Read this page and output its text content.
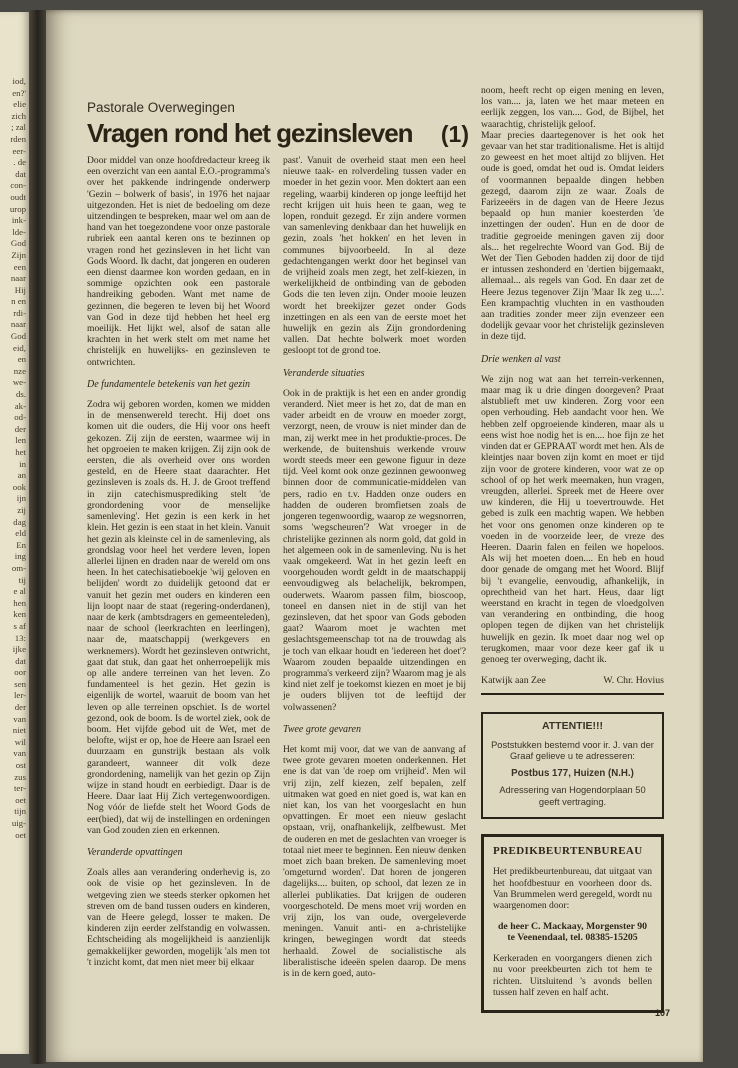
iod,
en?'
elie
zich
; zal
rden
eer-
. de
dat
con-
oudt
urop
ink-
lde-
God
Zijn
een
naar
Hij
n en
rdi-
naar
God
eid,
en
nze
we-
ds.
ak-
od-
der
len
het
in
an
ook
ijn
zij
dag
eld
En
ing
om-
tij
e al
hen
ken
s af
13:
ijke
dat
oor
sen
ler-
der
van
niet
wil
van
ost
zus
ter-
oet
tijn
uig-
oet
Pastorale Overwegingen
Vragen rond het gezinsleven (1)
Door middel van onze hoofdredacteur kreeg ik een overzicht van een aantal E.O.-programma's over het pakkende indringende onderwerp 'Gezin – bolwerk of basis', in 1976 het najaar uitgezonden. Het is niet de bedoeling om deze uitzendingen te bespreken, maar wel om aan de hand van het toegezondene voor onze pastorale rubriek een aantal keren ons te bezinnen op vragen rond het gezinsleven in het licht van Gods Woord. Ik dacht, dat jongeren en ouderen een dienst daarmee kon worden gedaan, en in sommige opzichten ook een pastorale handreiking geboden. Want met name de gezinnen, die begeren te leven bij het Woord van God in deze tijd hebben het heel erg moeilijk. Het lijkt wel, alsof de satan alle krachten in het werk stelt om met name het christelijk en huwelijks- en gezinsleven te ontwrichten.
De fundamentele betekenis van het gezin
Zodra wij geboren worden, komen we midden in de mensenwereld terecht. Hij doet ons komen uit die ouders, die Hij voor ons heeft gekozen. Zij zijn de eersten, waarmee wij in het opgroeien te maken krijgen. Zij zijn ook de eersten, die als overheid over ons worden gesteld, en de Heere staat daarachter. Het gezinsleven is zoals ds. H. J. de Groot treffend in zijn catechismusprediking stelt 'de grondordening voor de menselijke samenleving'. Het gezin is een kerk in het klein. Het gezin is een staat in het klein. Vanuit het gezin als kleinste cel in de samenleving, als grondslag voor heel het verdere leven, lopen allerlei lijnen en draden naar de wereld om ons heen. In het catechisatieboekje 'wij geloven en belijden' wordt zo duidelijk getoond dat er vanuit het gezin met ouders en kinderen een lijn loopt naar de staat (regering-onderdanen), naar de kerk (ambtsdragers en gemeenteleden), naar de school (leerkrachten en leerlingen), naar de, maatschappij (werkgevers en werknemers). Wordt het gezinsleven ontwricht, gaat dat stuk, dan gaat het onherroepelijk mis op alle andere terreinen van het leven. Zo fundamenteel is het gezin. Het gezin is eigenlijk de wortel, waaruit de boom van het leven op alle terreinen opschiet. Is de wortel gezond, ook de boom. Is de wortel ziek, ook de boom. Het vijfde gebod uit de Wet, met de belofte, wijst er op, hoe de Heere aan Israel een duurzaam en gunstrijk bestaan als volk garandeert, wanneer dit volk deze grondordening, namelijk van het gezin op Zijn wijze in stand houdt en eerbiedigt. Daar is de Heere. Daar laat Hij Zich vertegenwoordigen. Nog vóór de liefde stelt het Woord Gods de eer(bied), dat wij de instellingen en ordeningen van God zouden zien en erkennen.
Veranderde opvattingen
Zoals alles aan verandering onderhevig is, zo ook de visie op het gezinsleven. In de wetgeving zien we steeds sterker opkomen het streven om de band tussen ouders en kinderen, van de Heere gelegd, losser te maken. De kinderen zijn eerder zelfstandig en volwassen. Echtscheiding als mogelijkheid is aanzienlijk gemakkelijker geworden, mogelijk 'als men tot 't inzicht komt, dat men niet meer bij elkaar
past'. Vanuit de overheid staat men een heel nieuwe taak- en rolverdeling tussen vader en moeder in het gezin voor. Men doktert aan een regeling, waarbij kinderen op jonge leeftijd het recht krijgen uit huis heen te gaan, weg te lopen, ronduit gezegd. Er zijn andere vormen van samenleving denkbaar dan het huwelijk en gezin, zoals 'het hokken' en het leven in communes bijvoorbeeld. In al deze gedachtengangen werkt door het beginsel van de vrijheid zoals men zegt, het zelf-kiezen, in werkelijkheid de ontbinding van de geboden Gods die ten leven zijn. Onder mooie leuzen wordt het breekijzer gezet onder Gods inzettingen en als een van de eerste moet het huwelijk en gezin als Zijn grondordening vallen. Dat hechte bolwerk moet worden gesloopt tot de grond toe.
Veranderde situaties
Ook in de praktijk is het een en ander grondig veranderd. Niet meer is het zo, dat de man en vader arbeidt en de vrouw en moeder zorgt, verzorgt, neen, de vrouw is niet minder dan de man, zij werkt mee in het produktie-proces. De werkende, de buitenshuis werkende vrouw wordt steeds meer een gewone figuur in deze tijd. Veel komt ook onze gezinnen gewoonweg binnen door de communicatie-middelen van pers, radio en t.v. Hadden onze ouders en hadden de ouderen bromfietsen zoals de jongeren tegenwoordig, waarop ze wegsnorren, soms 'wegscheuren'? Wat vroeger in de christelijke gezinnen als norm gold, dat gold in het algemeen ook in de samenleving. Nu is het vaak omgekeerd. Wat in het gezin leeft en voorgehouden wordt geldt in de maatschappij eenvoudigweg als belachelijk, bekrompen, ouderwets. Waarom passen film, bioscoop, toneel en dansen niet in de stijl van het gezinsleven, dat het spoor van Gods geboden gaat? Waarom moet je wachten met geslachtsgemeenschap tot na de trouwdag als je toch van elkaar houdt en 'iedereen het doet'? Waarom zouden bepaalde uitzendingen en programma's verkeerd zijn? Waarom mag je als kind niet zelf je toekomst kiezen en moet je bij je ouders blijven tot de leeftijd der volwassenen?
Twee grote gevaren
Het komt mij voor, dat we van de aanvang af twee grote gevaren moeten onderkennen. Het ene is dat van 'de roep om vrijheid'. Men wil vrij zijn, zelf kiezen, zelf bepalen, zelf uitmaken wat goed en niet goed is, wat kan en niet kan, los van het voorgeslacht en hun opvattingen. Er moet een nieuw geslacht opstaan, vrij, onafhankelijk, zelfbewust. Met de ouderen en met de geslachten van vroeger is totaal niet meer te beginnen. Een nieuw denken moet zich baan breken. De samenleving moet 'omgeturnd worden'. Dat horen de jongeren dagelijks.... buiten, op school, dat lezen ze in allerlei publikaties. Dat krijgen de ouderen voorgeschoteld. De mens moet vrij worden en vrij zijn, los van oude, overgeleverde meningen. Vanuit anti- en a-christelijke kringen, bewegingen wordt dat steeds herhaald. Zowel de socialistische als liberalistische ideeën spelen daarop. De mens is in de kern goed, auto-
noom, heeft recht op eigen mening en leven, los van.... ja, laten we het maar meteen en eerlijk zeggen, los van.... God, de Bijbel, het waarachtig, christelijk geloof.
Maar precies daartegenover is het ook het gevaar van het star traditionalisme. Het is altijd zo geweest en het moet altijd zo blijven. Het oude is goed, omdat het oud is. Omdat leiders of voormannen bepaalde dingen hebben gezegd, daarom zijn ze waar. Zoals de Farizeeërs in de dagen van de Heere Jezus bepaald op hun manier koesterden 'de inzettingen der ouden'. Hun en de door de traditie gegroeide meningen gaven zij door als... het regelrechte Woord van God. Bij de Wet der Tien Geboden hadden zij door de tijd er intussen zeshonderd en 'dertien bijgemaakt, allemaal... als regels van God. En daar zet de Heere Jezus tegenover Zijn 'Maar Ik zeg u....'. Een krampachtig vluchten in en vasthouden aan tradities zonder meer zijn evenzeer een dodelijk gevaar voor het christelijk gezinsleven in deze tijd.
Drie wenken al vast
We zijn nog wat aan het terrein-verkennen, maar mag ik u drie dingen doorgeven? Praat alstublieft met uw kinderen. Zorg voor een open verhouding. Heb aandacht voor hen. We hebben zelf opgroeiende kinderen, maar als u eens wist hoe nodig het is en.... hoe fijn ze het vinden dat er GEPRAAT wordt met hen. Als de kleintjes naar boven zijn komt en moet er tijd zijn voor de grotere kinderen, voor wat ze op school of op het werk meemaken, hun vragen, vreugden, allerlei. Spreek met de Heere over uw kinderen, die Hij u toevertrouwde. Het gebed is zulk een machtig wapen. We hebben het voor ons genomen onze kinderen op te voeden in de voorzeide leer, de vreze des Heeren. Daarin falen en feilen we hopeloos. Als wij het moeten doen.... En heb en houd door genade de omgang met het Woord. Blijf bij 't evangelie, eenvoudig, afhankelijk, in oprechtheid van het hart. Heus, daar ligt weerstand en kracht in tegen de vloedgolven van verandering en ontbinding, die hoog oplopen tegen de dijken van het christelijk huwelijk en gezin. Ik moet daar nog wel op terugkomen, maar voor deze keer gaf ik u genoeg ter overweging, dacht ik.
Katwijk aan Zee	W. Chr. Hovius
ATTENTIE!!!
Poststukken bestemd voor ir. J. van der Graaf gelieve u te adresseren:
Postbus 177, Huizen (N.H.)
Adressering van Hogendorplaan 50 geeft vertraging.
PREDIKBEURTENBUREAU
Het predikbeurtenbureau, dat uitgaat van het hoofdbestuur en voorheen door ds. Van Brummelen werd geregeld, wordt nu waargenomen door:
de heer C. Mackaay, Morgenster 90 te Veenendaal, tel. 08385-15205
Kerkeraden en voorgangers dienen zich nu voor preekbeurten zich tot hem te richten. Uitsluitend 's avonds bellen tussen half zeven en half acht.
107
